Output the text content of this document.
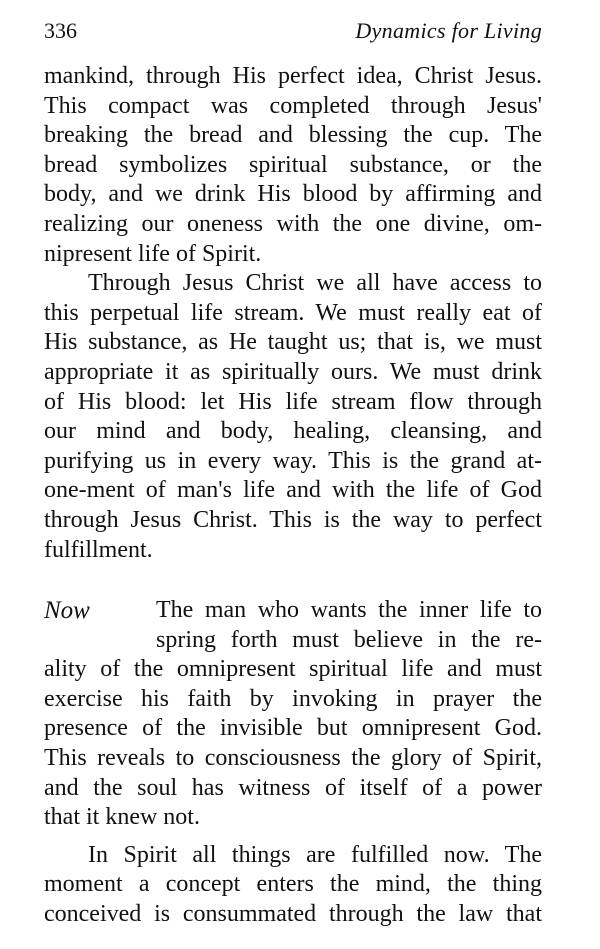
336	Dynamics for Living
mankind, through His perfect idea, Christ Jesus.
This compact was completed through Jesus'
breaking the bread and blessing the cup. The
bread symbolizes spiritual substance, or the
body, and we drink His blood by affirming and
realizing our oneness with the one divine, om-
nipresent life of Spirit.
Through Jesus Christ we all have access to
this perpetual life stream. We must really eat of
His substance, as He taught us; that is, we must
appropriate it as spiritually ours. We must drink
of His blood: let His life stream flow through
our mind and body, healing, cleansing, and
purifying us in every way. This is the grand at-
one-ment of man's life and with the life of God
through Jesus Christ. This is the way to perfect
fulfillment.
Now	The man who wants the inner life to
spring forth must believe in the re-
ality of the omnipresent spiritual life and must
exercise his faith by invoking in prayer the
presence of the invisible but omnipresent God.
This reveals to consciousness the glory of Spirit,
and the soul has witness of itself of a power
that it knew not.
In Spirit all things are fulfilled now. The
moment a concept enters the mind, the thing
conceived is consummated through the law that
